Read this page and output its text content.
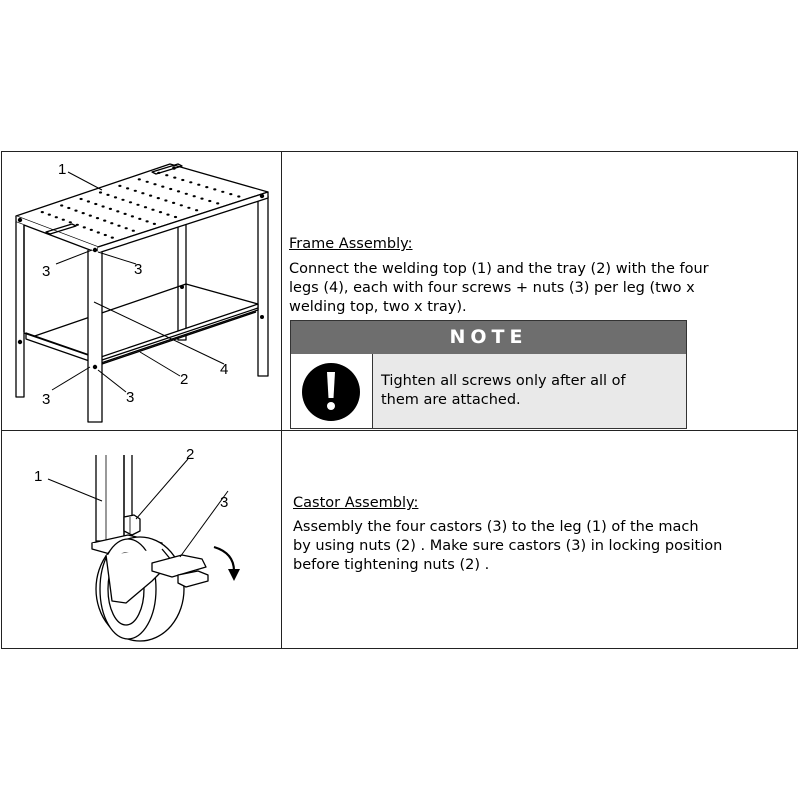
1
3	3
2
4
3	3
Frame Assembly:
Connect the welding top (1) and the tray (2) with the four
legs (4), each with four screws + nuts (3) per leg (two x
welding top, two x tray).
NOTE
Tighten all screws only after all of
them are attached.
1
2
3	Castor Assembly:
Assembly the four castors (3) to the leg (1) of the mach
by using nuts (2) . Make sure castors (3) in locking position
before tightening nuts (2) .
